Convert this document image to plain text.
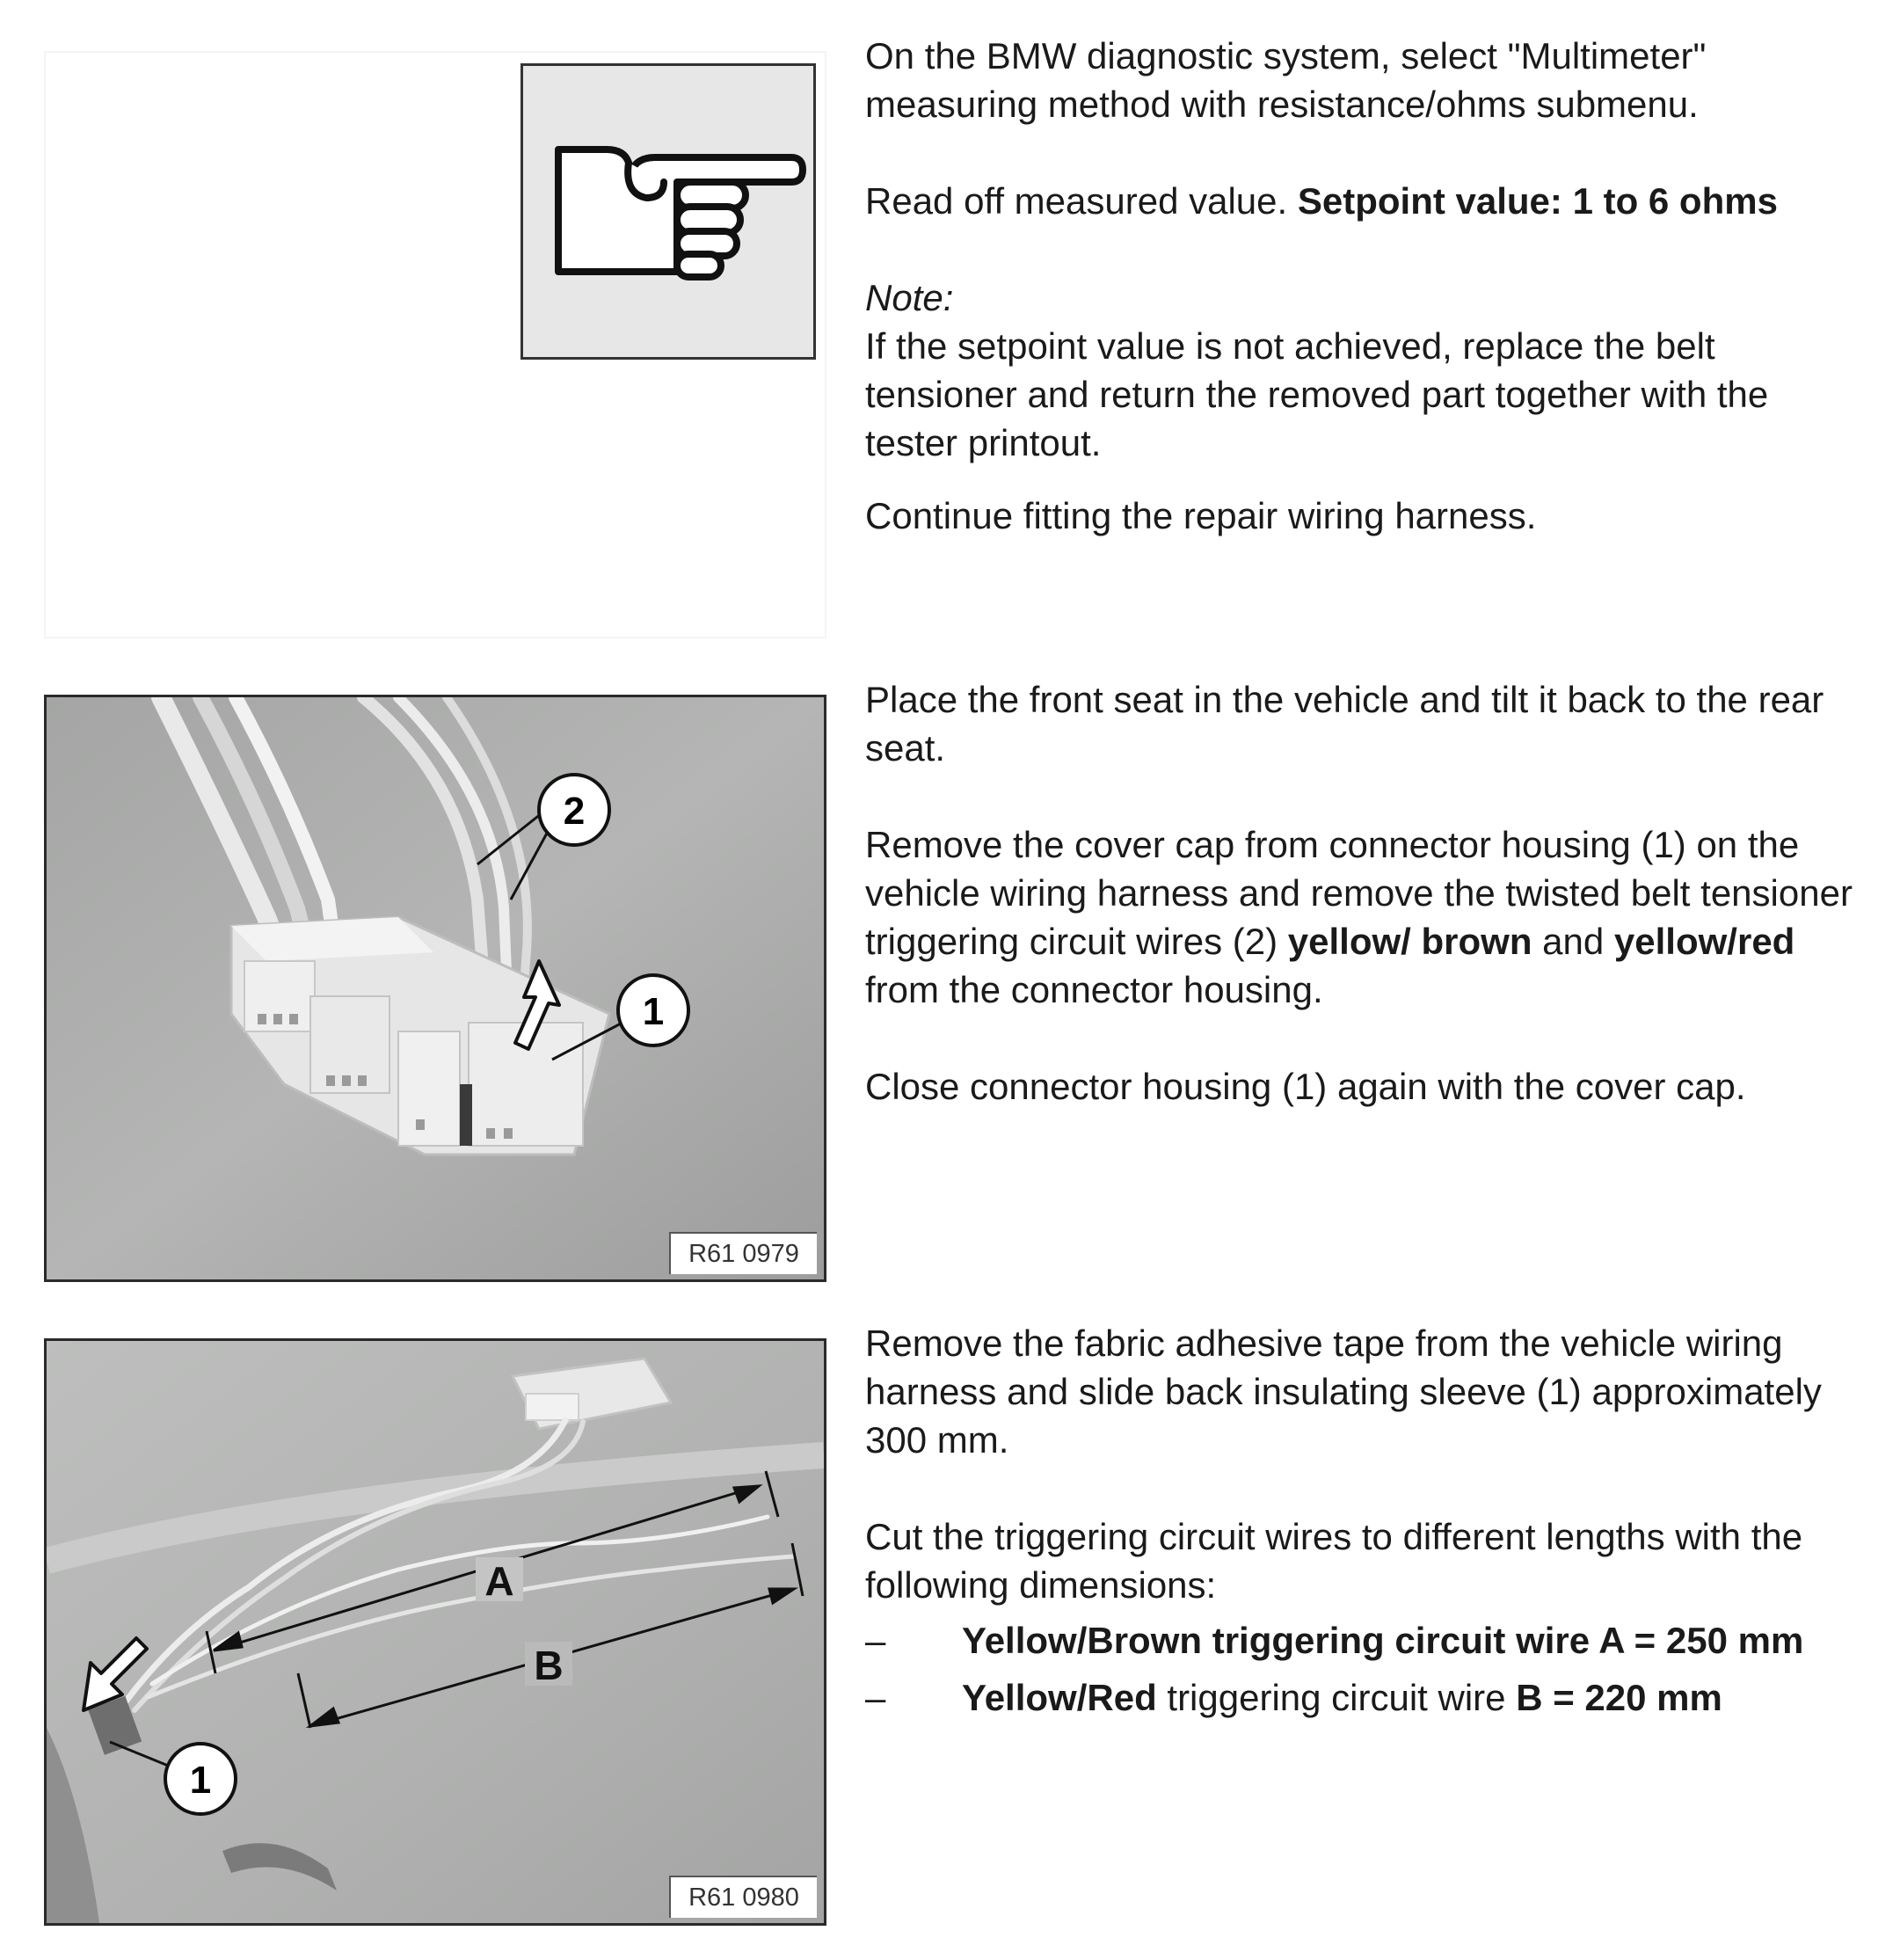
On the BMW diagnostic system, select "Multimeter" measuring method with resistance/ohms submenu.

Read off measured value. Setpoint value: 1 to 6 ohms

Note:

If the setpoint value is not achieved, replace the belt tensioner and return the removed part together with the tester printout.

Continue fitting the repair wiring harness.

2
1
R61 0979

Place the front seat in the vehicle and tilt it back to the rear seat.

Remove the cover cap from connector housing (1) on the vehicle wiring harness and remove the twisted belt tensioner triggering circuit wires (2) yellow/ brown and yellow/red from the connector housing.

Close connector housing (1) again with the cover cap.

A
B
1
R61 0980

Remove the fabric adhesive tape from the vehicle wiring harness and slide back insulating sleeve (1) approximately 300 mm.

Cut the triggering circuit wires to different lengths with the following dimensions:

– Yellow/Brown triggering circuit wire A = 250 mm
– Yellow/Red triggering circuit wire B = 220 mm
